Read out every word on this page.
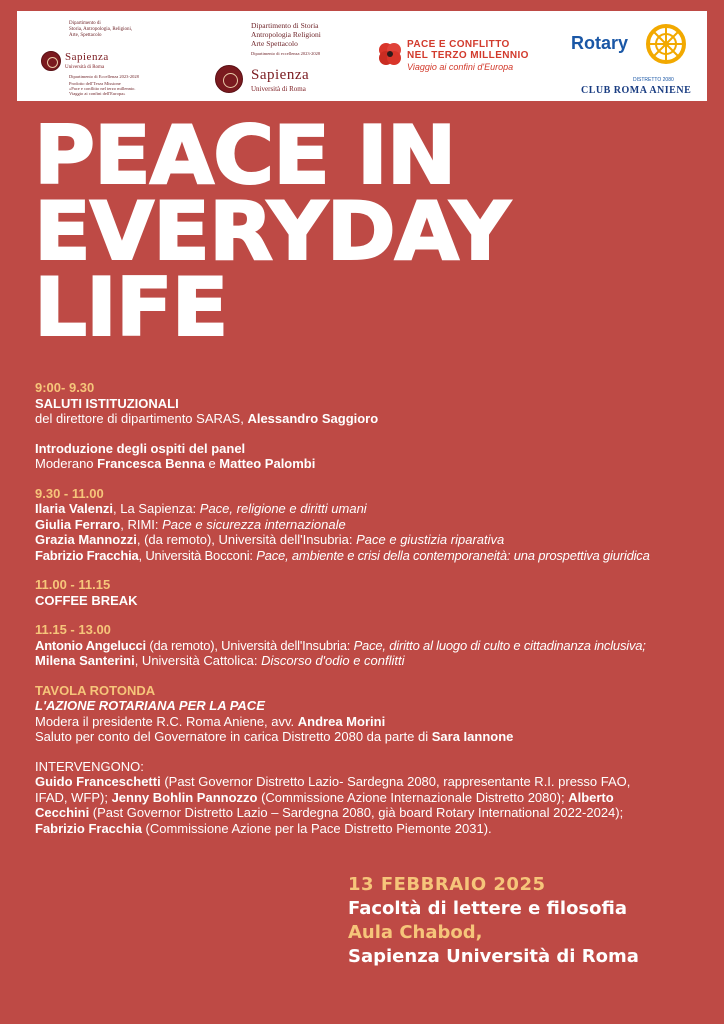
Dipartimento di
Storia, Antropologia, Religioni,
Arte, Spettacolo
Sapienza
Università di Roma
Dipartimento di Eccellenza 2023-2028
Prodotto dell'Terza Missione
«Pace e conflitto nel terzo millennio.
Viaggio ai confini dell'Europa»
Dipartimento di Storia
Antropologia Religioni
Arte Spettacolo
Dipartimento di eccellenza 2023-2028
Sapienza
Università di Roma
PACE E CONFLITTO
NEL TERZO MILLENNIO
Viaggio ai confini d'Europa
Rotary
DISTRETTO 2080
CLUB ROMA ANIENE
PEACE IN
EVERYDAY
LIFE
9:00- 9.30
SALUTI ISTITUZIONALI
del direttore di dipartimento SARAS, Alessandro Saggioro
Introduzione degli ospiti del panel
Moderano Francesca Benna e Matteo Palombi
9.30 - 11.00
Ilaria Valenzi, La Sapienza: Pace, religione e diritti umani
Giulia Ferraro, RIMI: Pace e sicurezza internazionale
Grazia Mannozzi, (da remoto), Università dell'Insubria: Pace e giustizia riparativa
Fabrizio Fracchia, Università Bocconi: Pace, ambiente e crisi della contemporaneità: una prospettiva giuridica
11.00 - 11.15
COFFEE BREAK
11.15 - 13.00
Antonio Angelucci (da remoto), Università dell'Insubria: Pace, diritto al luogo di culto e cittadinanza inclusiva;
Milena Santerini, Università Cattolica: Discorso d'odio e conflitti
TAVOLA ROTONDA
L'AZIONE ROTARIANA PER LA PACE
Modera il presidente R.C. Roma Aniene, avv. Andrea Morini
Saluto per conto del Governatore in carica Distretto 2080 da parte di Sara Iannone
INTERVENGONO:
Guido Franceschetti (Past Governor Distretto Lazio- Sardegna 2080, rappresentante R.I. presso FAO,
IFAD, WFP); Jenny Bohlin Pannozzo (Commissione Azione Internazionale Distretto 2080); Alberto
Cecchini (Past Governor Distretto Lazio – Sardegna 2080, già board Rotary International 2022-2024);
Fabrizio Fracchia (Commissione Azione per la Pace Distretto Piemonte 2031).
13 FEBBRAIO 2025
Facoltà di lettere e filosofia
Aula Chabod,
Sapienza Università di Roma
